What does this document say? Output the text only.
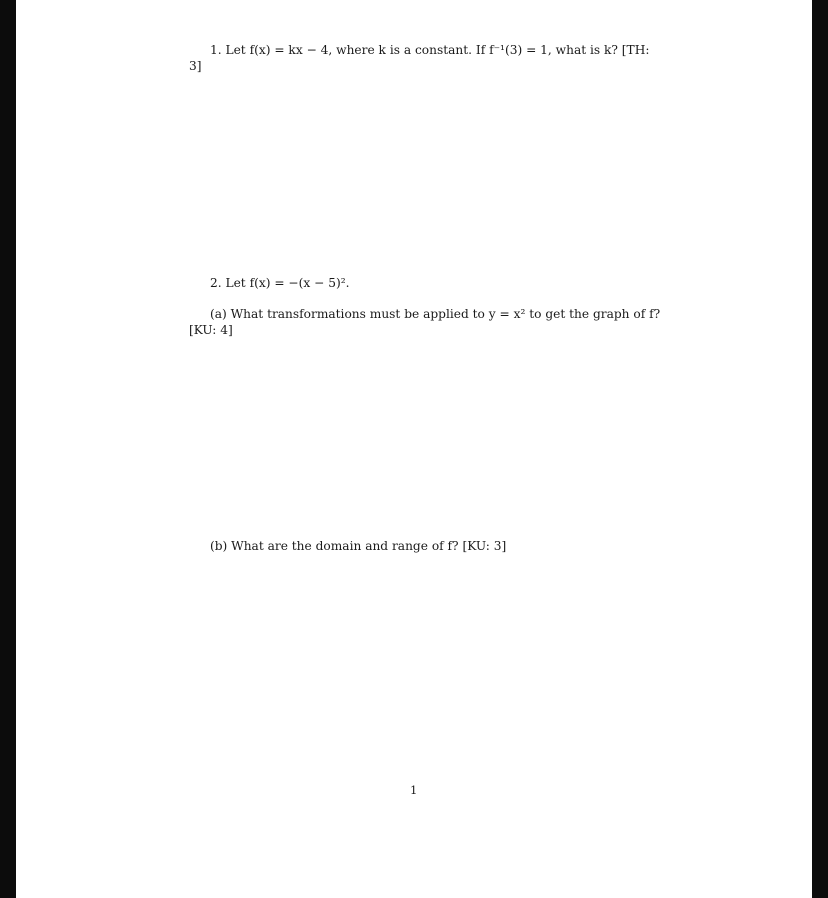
1. Let f(x) = kx − 4, where k is a constant. If f⁻¹(3) = 1, what is k? [TH:
3]
2. Let f(x) = −(x − 5)².
(a) What transformations must be applied to y = x² to get the graph of f?
[KU: 4]
(b) What are the domain and range of f? [KU: 3]
1
